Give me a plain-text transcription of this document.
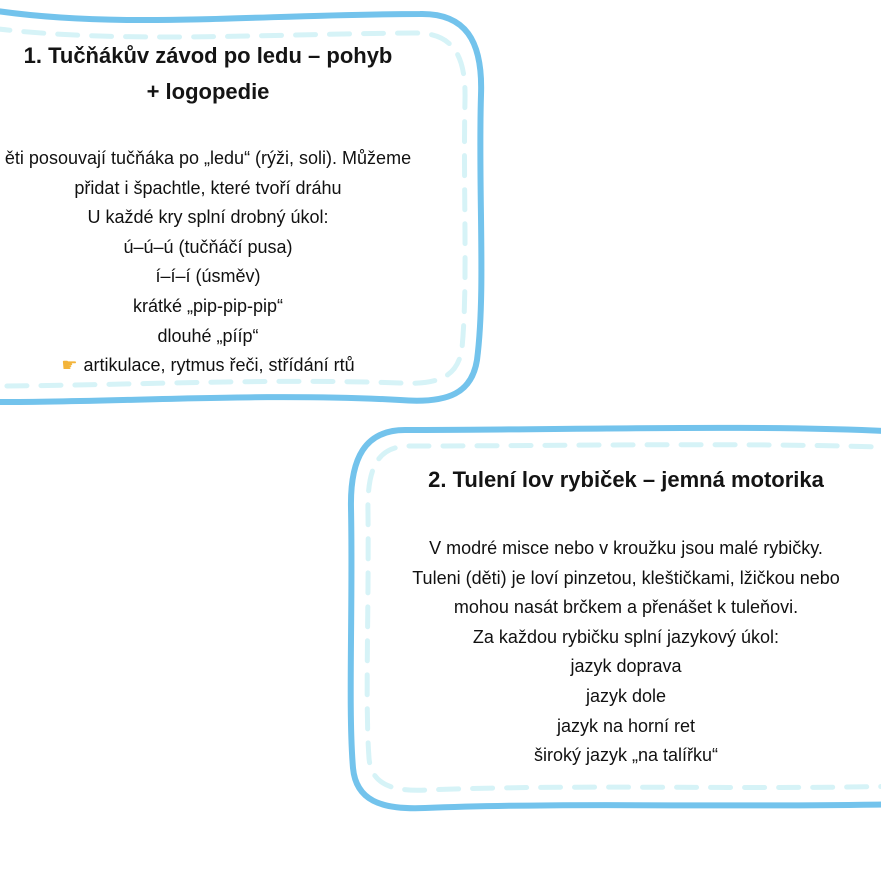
1. Tučňákův závod po ledu – pohyb + logopedie

ěti posouvají tučňáka po „ledu“ (rýži, soli). Můžeme
přidat i špachtle, které tvoří dráhu
U každé kry splní drobný úkol:
ú–ú–ú (tučňáčí pusa)
í–í–í (úsměv)
krátké „pip-pip-pip“
dlouhé „pííp“
☛ artikulace, rytmus řeči, střídání rtů

2. Tulení lov rybiček – jemná motorika

V modré misce nebo v kroužku jsou malé rybičky.
Tuleni (děti) je loví pinzetou, kleštičkami, lžičkou nebo
mohou nasát brčkem a přenášet k tuleňovi.
Za každou rybičku splní jazykový úkol:
jazyk doprava
jazyk dole
jazyk na horní ret
široký jazyk „na talířku“
